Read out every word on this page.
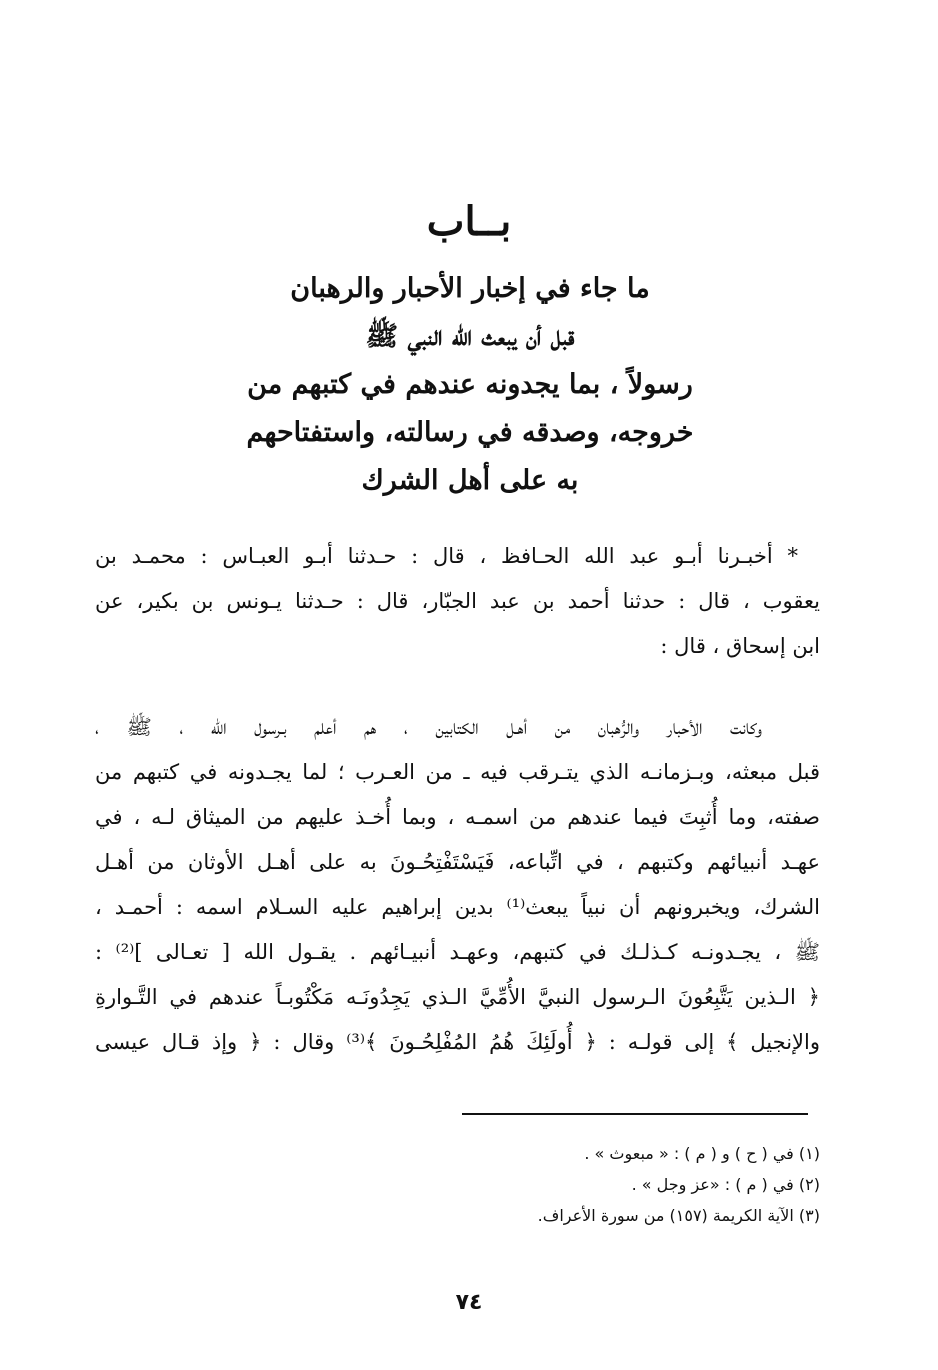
بــاب
ما جاء في إخبار الأحبار والرهبان
قبل أن يبعث الله النبي ﷺ
رسولاً ، بما يجدونه عندهم في كتبهم من
خروجه، وصدقه في رسالته، واستفتاحهم
به على أهل الشرك
* أخبـرنا أبـو عبد الله الحـافظ ، قال : حـدثنا أبـو العبـاس : محمـد بن
يعقوب ، قال : حدثنا أحمد بن عبد الجبّار، قال : حـدثنا يـونس بن بكير، عن
ابن إسحاق ، قال :
وكانت الأحبار والرُّهبان من أهـل الكتابين ، هم أعلم بـرسول الله ، ﷺ ،
قبل مبعثه، وبـزمانـه الذي يتـرقب فيه ـ من العـرب ؛ لما يجـدونه في كتبهم من
صفته، وما أُثبِتَ فيما عندهم من اسمـه ، وبما أُخـذ عليهم من الميثاق لـه ، في
عهـد أنبيائهم وكتبهم ، في اتِّباعه، فَيَسْتَفْتِحُـونَ به على أهـل الأوثان من أهـل
الشرك، ويخبرونهم أن نبياً يبعث⁽¹⁾ بدين إبراهيم عليه السـلام اسمه : أحمـد ،
ﷺ ، يجـدونـه كـذلـك في كتبهم، وعهـد أنبيـائهم . يقـول الله [ تعـالى ]⁽²⁾ :
﴿ الـذين يَتَّبِعُونَ الـرسول النبيَّ الأُمِّيَّ الـذي يَجِدُونَـه مَكْتُوبـاً عندهم في التَّـوارةِ
والإنجيل ﴾ إلى قولـه : ﴿ أُولَئِكَ هُمُ المُفْلِحُـونَ ﴾⁽³⁾ وقال : ﴿ وإذ قـال عيسى
(١) في ( ح ) و ( م ) : « مبعوث » .
(٢) في ( م ) : «عز وجل » .
(٣) الآية الكريمة (١٥٧) من سورة الأعراف.
٧٤
